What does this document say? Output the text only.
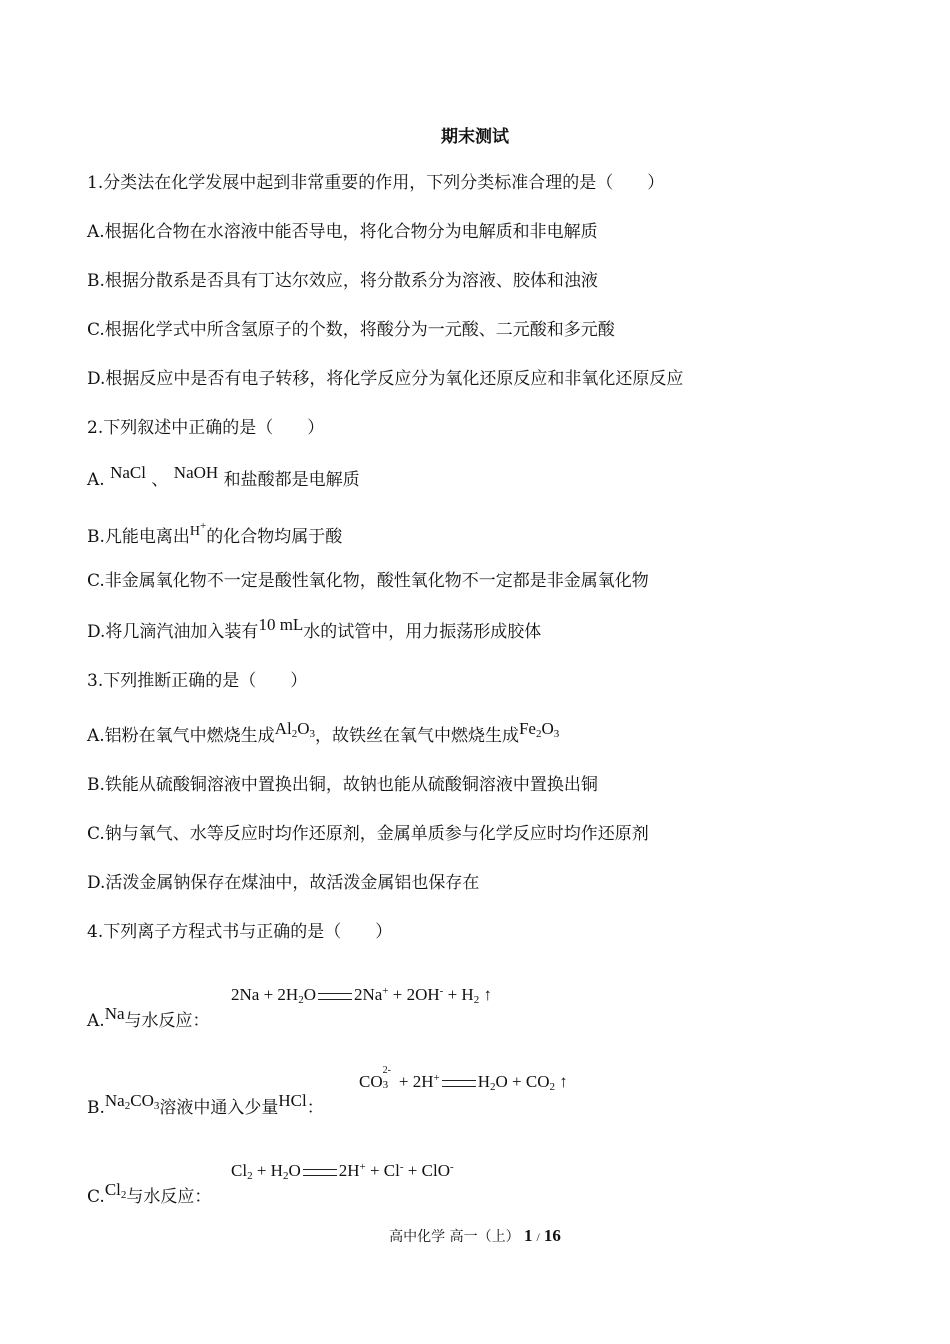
期末测试
1.分类法在化学发展中起到非常重要的作用，下列分类标准合理的是（　　）
A.根据化合物在水溶液中能否导电，将化合物分为电解质和非电解质
B.根据分散系是否具有丁达尔效应，将分散系分为溶液、胶体和浊液
C.根据化学式中所含氢原子的个数，将酸分为一元酸、二元酸和多元酸
D.根据反应中是否有电子转移，将化学反应分为氧化还原反应和非氧化还原反应
2.下列叙述中正确的是（　　）
A. NaCl 、 NaOH 和盐酸都是电解质
B.凡能电离出$^{H^+}$的化合物均属于酸
C.非金属氧化物不一定是酸性氧化物，酸性氧化物不一定都是非金属氧化物
D.将几滴汽油加入装有10 mL水的试管中，用力振荡形成胶体
3.下列推断正确的是（　　）
A.铝粉在氧气中燃烧生成$Al_2O_3$，故铁丝在氧气中燃烧生成$Fe_2O_3$
B.铁能从硫酸铜溶液中置换出铜，故钠也能从硫酸铜溶液中置换出铜
C.钠与氧气、水等反应时均作还原剂，金属单质参与化学反应时均作还原剂
D.活泼金属钠保存在煤油中，故活泼金属铝也保存在
4.下列离子方程式书与正确的是（　　）
$2Na + 2H_2O$ $2Na^+ + 2OH^- + H_2$ ↑
A.Na与水反应：
CO
2-
3 + 2H+ $H_2O + CO_2$ ↑
$B.Na_2CO_3$溶液中通入少量HCl：
$Cl_2 + H_2O$ 2H+ + Cl- + ClO-
$C.Cl_2$与水反应：
高中化学 高一（上） 1 / 16
